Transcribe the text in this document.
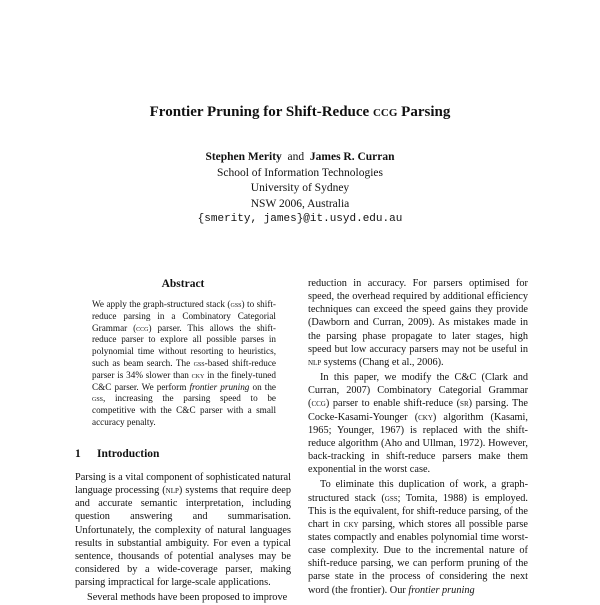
Frontier Pruning for Shift-Reduce ccg Parsing
Stephen Merity and James R. Curran
School of Information Technologies
University of Sydney
NSW 2006, Australia
{smerity, james}@it.usyd.edu.au
Abstract

We apply the graph-structured stack (gss) to shift-reduce parsing in a Combinatory Categorial Grammar (ccg) parser. This allows the shift-reduce parser to explore all possible parses in polynomial time without resorting to heuristics, such as beam search. The gss-based shift-reduce parser is 34% slower than cky in the finely-tuned C&C parser. We perform frontier pruning on the gss, increasing the parsing speed to be competitive with the C&C parser with a small accuracy penalty.

1 Introduction

Parsing is a vital component of sophisticated natural language processing (nlp) systems that require deep and accurate semantic interpretation, including question answering and summarisation. Unfortunately, the complexity of natural languages results in substantial ambiguity. For even a typical sentence, thousands of potential analyses may be considered by a wide-coverage parser, making parsing impractical for large-scale applications.

Several methods have been proposed to improve

reduction in accuracy. For parsers optimised for speed, the overhead required by additional efficiency techniques can exceed the speed gains they provide (Dawborn and Curran, 2009). As mistakes made in the parsing phase propagate to later stages, high speed but low accuracy parsers may not be useful in nlp systems (Chang et al., 2006).

In this paper, we modify the C&C (Clark and Curran, 2007) Combinatory Categorial Grammar (ccg) parser to enable shift-reduce (sr) parsing. The Cocke-Kasami-Younger (cky) algorithm (Kasami, 1965; Younger, 1967) is replaced with the shift-reduce algorithm (Aho and Ullman, 1972). However, back-tracking in shift-reduce parsers make them exponential in the worst case.

To eliminate this duplication of work, a graph-structured stack (gss; Tomita, 1988) is employed. This is the equivalent, for shift-reduce parsing, of the chart in cky parsing, which stores all possible parse states compactly and enables polynomial time worst-case complexity. Due to the incremental nature of shift-reduce parsing, we can perform pruning of the parse state in the process of considering the next word (the frontier). Our frontier pruning
